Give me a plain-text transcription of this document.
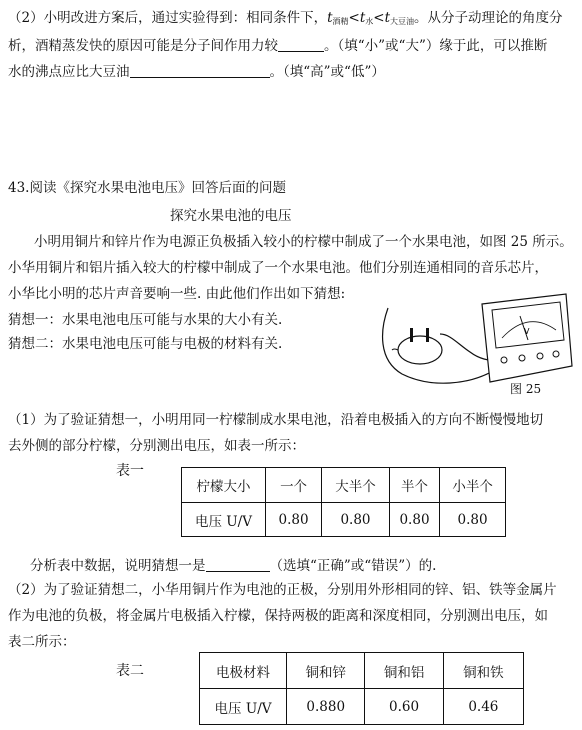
（2）小明改进方案后，通过实验得到：相同条件下，$t_{酒精}<t_水<t_{大豆油}$。从分子动理论的角度分
析，酒精蒸发快的原因可能是分子间作用力较	。（填“小”或“大”）缘于此，可以推断
水的沸点应比大豆油	。（填“高”或“低”）
43.阅读《探究水果电池电压》回答后面的问题
探究水果电池的电压
小明用铜片和锌片作为电源正负极插入较小的柠檬中制成了一个水果电池，如图 25 所示。
小华用铜片和铝片插入较大的柠檬中制成了一个水果电池。他们分别连通相同的音乐芯片，
小华比小明的芯片声音要响一些. 由此他们作出如下猜想:
猜想一：水果电池电压可能与水果的大小有关.
猜想二：水果电池电压可能与电极的材料有关.
V
图 25
（1）为了验证猜想一，小明用同一柠檬制成水果电池，沿着电极插入的方向不断慢慢地切
去外侧的部分柠檬，分别测出电压，如表一所示：
表一
柠檬大小	一个	大半个	半个	小半个
电压 U/V	0.80	0.80	0.80	0.80
分析表中数据，说明猜想一是	（选填“正确”或“错误”）的.
（2）为了验证猜想二，小华用铜片作为电池的正极，分别用外形相同的锌、铝、铁等金属片
作为电池的负极，将金属片电极插入柠檬，保持两极的距离和深度相同，分别测出电压，如
表二所示：
表二	电极材料	铜和锌	铜和铝	铜和铁
电压 U/V	0.880	0.60	0.46
